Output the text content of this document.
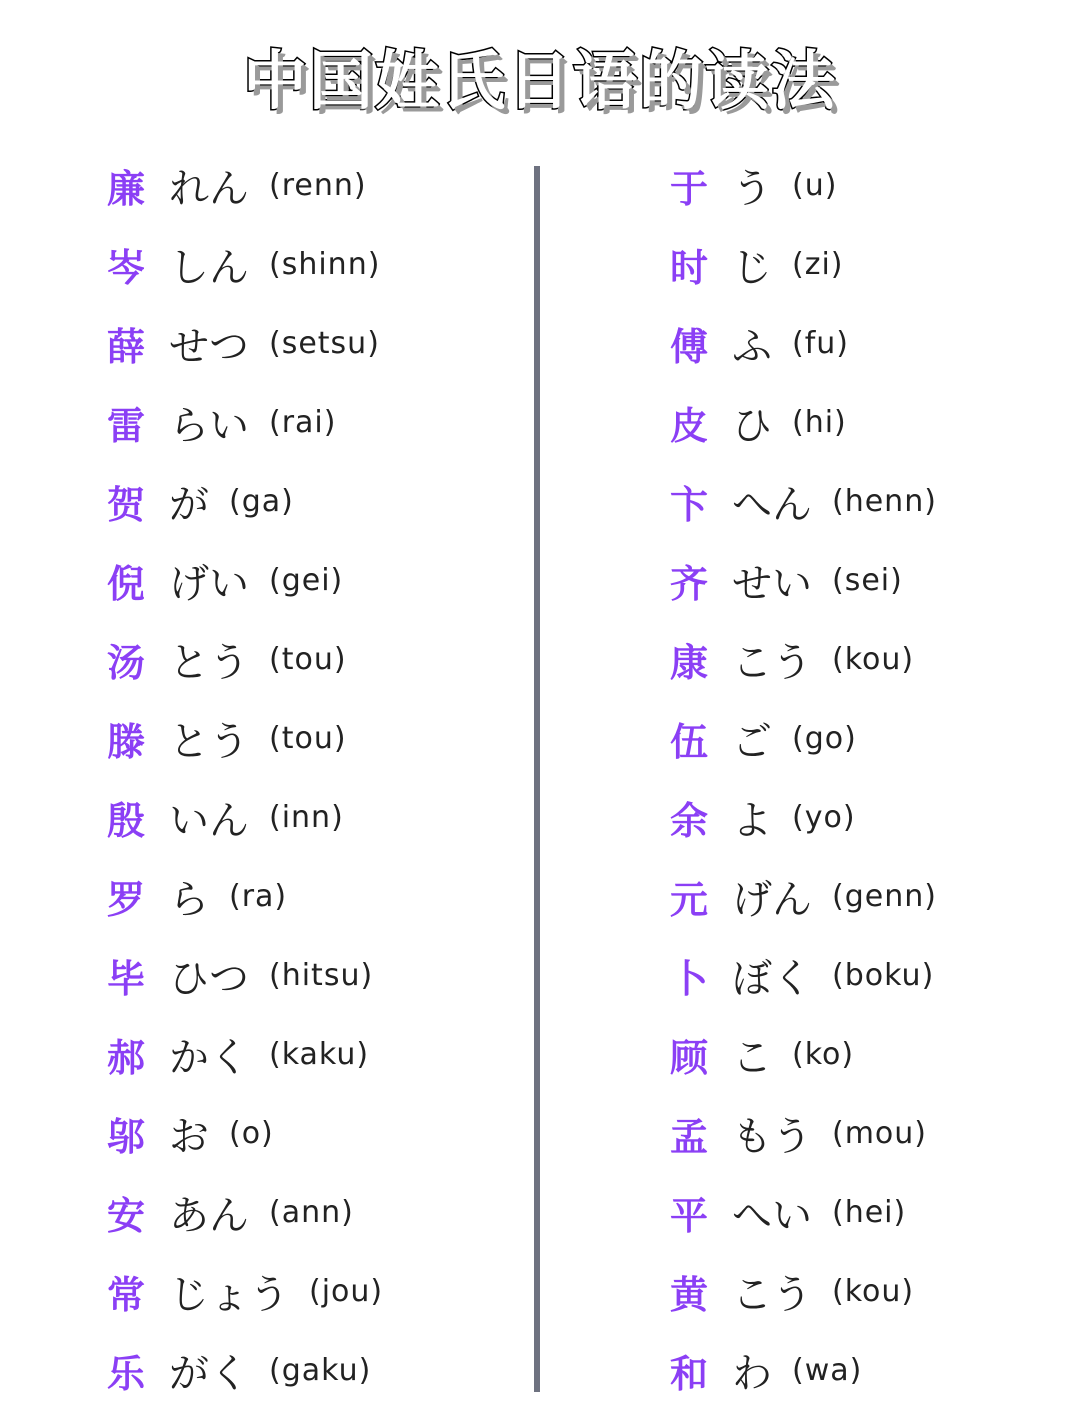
中国姓氏日语的读法
廉 れん (renn)
岑 しん (shinn)
薛 せつ (setsu)
雷 らい (rai)
贺 が (ga)
倪 げい (gei)
汤 とう (tou)
滕 とう (tou)
殷 いん (inn)
罗 ら (ra)
毕 ひつ (hitsu)
郝 かく (kaku)
邬 お (o)
安 あん (ann)
常 じょう (jou)
乐 がく (gaku)
于 う (u)
时 じ (zi)
傅 ふ (fu)
皮 ひ (hi)
卞 へん (henn)
齐 せい (sei)
康 こう (kou)
伍 ご (go)
余 よ (yo)
元 げん (genn)
卜 ぼく (boku)
顾 こ (ko)
孟 もう (mou)
平 へい (hei)
黄 こう (kou)
和 わ (wa)
